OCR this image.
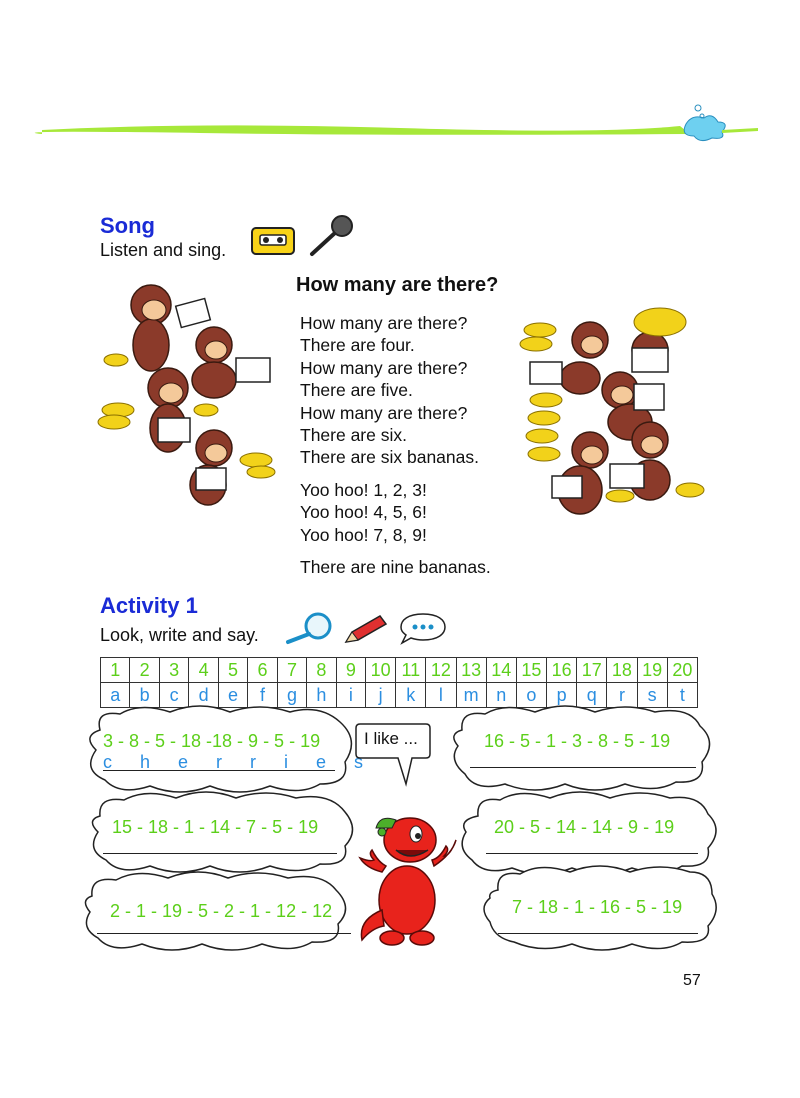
Song
Listen and sing.
How many are there?

How many are there?

There are four.

How many are there?

There are five.

How many are there?

There are six.

There are six bananas.

Yoo hoo! 1, 2, 3!

Yoo hoo! 4, 5, 6!

Yoo hoo! 7, 8, 9!

There are nine bananas.

Activity 1
Look, write and say.
1	2	3	4	5	6	7	8	9	10	11	12	13	14	15	16	17	18	19	20
a	b	c	d	e	f	g	h	i	j	k	l	m	n	o	p	q	r	s	t
3 - 8 - 5 - 18 -18 - 9 - 5 - 19
c  h  e  r  r  i  e  s
16 - 5 - 1 - 3 - 8 - 5 - 19
15 - 18 - 1 - 14 - 7 - 5 - 19	20 - 5 - 14 - 14 - 9 - 19
2 - 1 - 19 - 5 - 2 - 1 - 12 - 12	7 - 18 - 1 - 16 - 5 - 19
I like ...
57
